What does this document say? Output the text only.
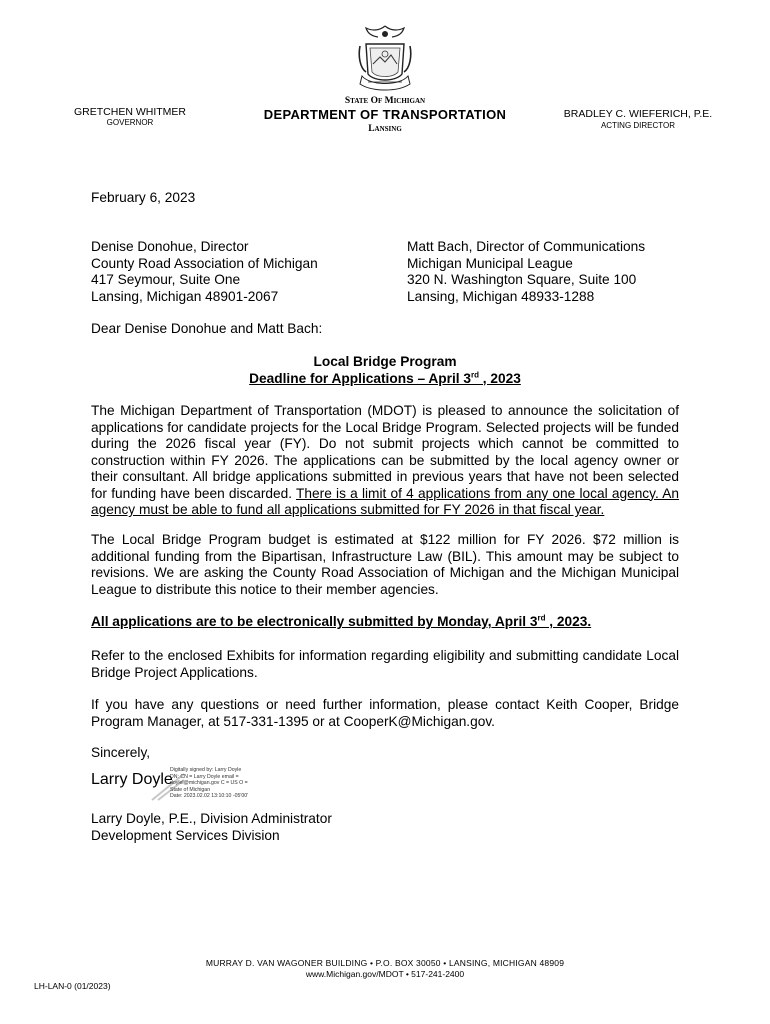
GRETCHEN WHITMER
GOVERNOR
State Of Michigan
DEPARTMENT OF TRANSPORTATION
Lansing
BRADLEY C. WIEFERICH, P.E.
ACTING DIRECTOR
February 6, 2023
Denise Donohue, Director
County Road Association of Michigan
417 Seymour, Suite One
Lansing, Michigan 48901-2067
Matt Bach, Director of Communications
Michigan Municipal League
320 N. Washington Square, Suite 100
Lansing, Michigan 48933-1288
Dear Denise Donohue and Matt Bach:
Local Bridge Program
Deadline for Applications – April 3rd , 2023
The Michigan Department of Transportation (MDOT) is pleased to announce the solicitation of applications for candidate projects for the Local Bridge Program. Selected projects will be funded during the 2026 fiscal year (FY). Do not submit projects which cannot be committed to construction within FY 2026. The applications can be submitted by the local agency owner or their consultant. All bridge applications submitted in previous years that have not been selected for funding have been discarded. There is a limit of 4 applications from any one local agency. An agency must be able to fund all applications submitted for FY 2026 in that fiscal year.
The Local Bridge Program budget is estimated at $122 million for FY 2026. $72 million is additional funding from the Bipartisan, Infrastructure Law (BIL). This amount may be subject to revisions. We are asking the County Road Association of Michigan and the Michigan Municipal League to distribute this notice to their member agencies.
All applications are to be electronically submitted by Monday, April 3rd , 2023.
Refer to the enclosed Exhibits for information regarding eligibility and submitting candidate Local Bridge Project Applications.
If you have any questions or need further information, please contact Keith Cooper, Bridge Program Manager, at 517-331-1395 or at CooperK@Michigan.gov.
Sincerely,
Larry Doyle
Digitally signed by: Larry Doyle
DN: CN = Larry Doyle email =
doylel@michigan.gov C = US O =
State of Michigan
Date: 2023.02.02 13:10:10 -05'00'
Larry Doyle, P.E., Division Administrator
Development Services Division
MURRAY D. VAN WAGONER BUILDING • P.O. BOX 30050 • LANSING, MICHIGAN 48909
www.Michigan.gov/MDOT • 517-241-2400
LH-LAN-0 (01/2023)
